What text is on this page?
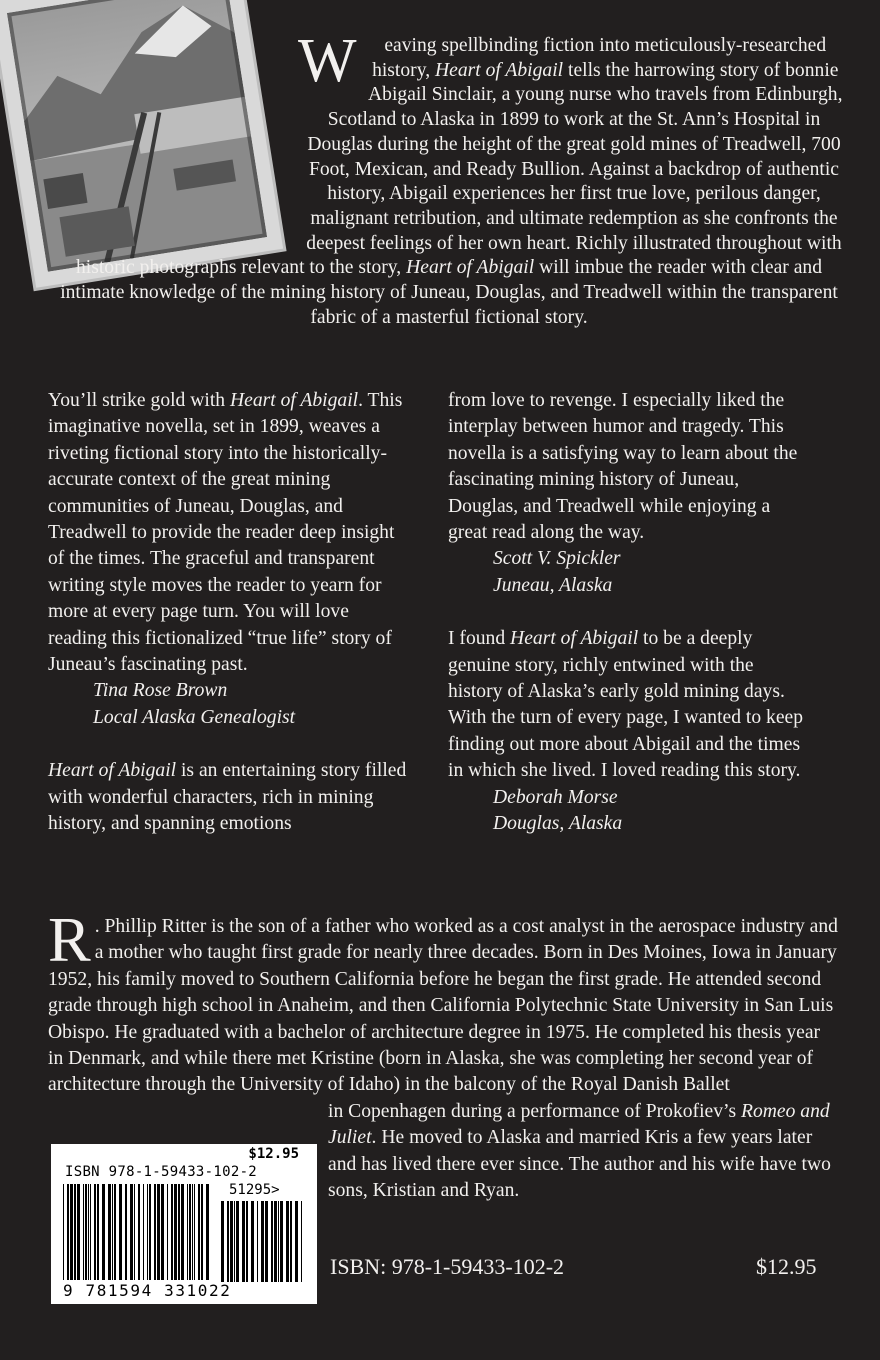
W eaving spellbinding fiction into meticulously-researched history, Heart of Abigail tells the harrowing story of bonnie Abigail Sinclair, a young nurse who travels from Edinburgh, Scotland to Alaska in 1899 to work at the St. Ann’s Hospital in Douglas during the height of the great gold mines of Treadwell, 700 Foot, Mexican, and Ready Bullion. Against a backdrop of authentic history, Abigail experiences her first true love, perilous danger, malignant retribution, and ultimate redemption as she confronts the deepest feelings of her own heart. Richly illustrated throughout with historic photographs relevant to the story, Heart of Abigail will imbue the reader with clear and intimate knowledge of the mining history of Juneau, Douglas, and Treadwell within the transparent fabric of a masterful fictional story.

You’ll strike gold with Heart of Abigail. This imaginative novella, set in 1899, weaves a riveting fictional story into the historically-accurate context of the great mining communities of Juneau, Douglas, and Treadwell to provide the reader deep insight of the times. The graceful and transparent writing style moves the reader to yearn for more at every page turn. You will love reading this fictionalized “true life” story of Juneau’s fascinating past.

Tina Rose Brown

Local Alaska Genealogist

Heart of Abigail is an entertaining story filled with wonderful characters, rich in mining history, and spanning emotions

from love to revenge. I especially liked the interplay between humor and tragedy. This novella is a satisfying way to learn about the fascinating mining history of Juneau, Douglas, and Treadwell while enjoying a great read along the way.

Scott V. Spickler

Juneau, Alaska

I found Heart of Abigail to be a deeply genuine story, richly entwined with the history of Alaska’s early gold mining days. With the turn of every page, I wanted to keep finding out more about Abigail and the times in which she lived. I loved reading this story.

Deborah Morse

Douglas, Alaska

R . Phillip Ritter is the son of a father who worked as a cost analyst in the aerospace industry and a mother who taught first grade for nearly three decades. Born in Des Moines, Iowa in January 1952, his family moved to Southern California before he began the first grade. He attended second grade through high school in Anaheim, and then California Polytechnic State University in San Luis Obispo. He graduated with a bachelor of architecture degree in 1975. He completed his thesis year in Denmark, and while there met Kristine (born in Alaska, she was completing her second year of architecture through the University of Idaho) in the balcony of the Royal Danish Ballet
in Copenhagen during a performance of Prokofiev’s Romeo and Juliet. He moved to Alaska and married Kris a few years later and has lived there ever since. The author and his wife have two sons, Kristian and Ryan.
$12.95
ISBN 978-1-59433-102-2
51295>
9 781594 331022
ISBN: 978-1-59433-102-2	$12.95
